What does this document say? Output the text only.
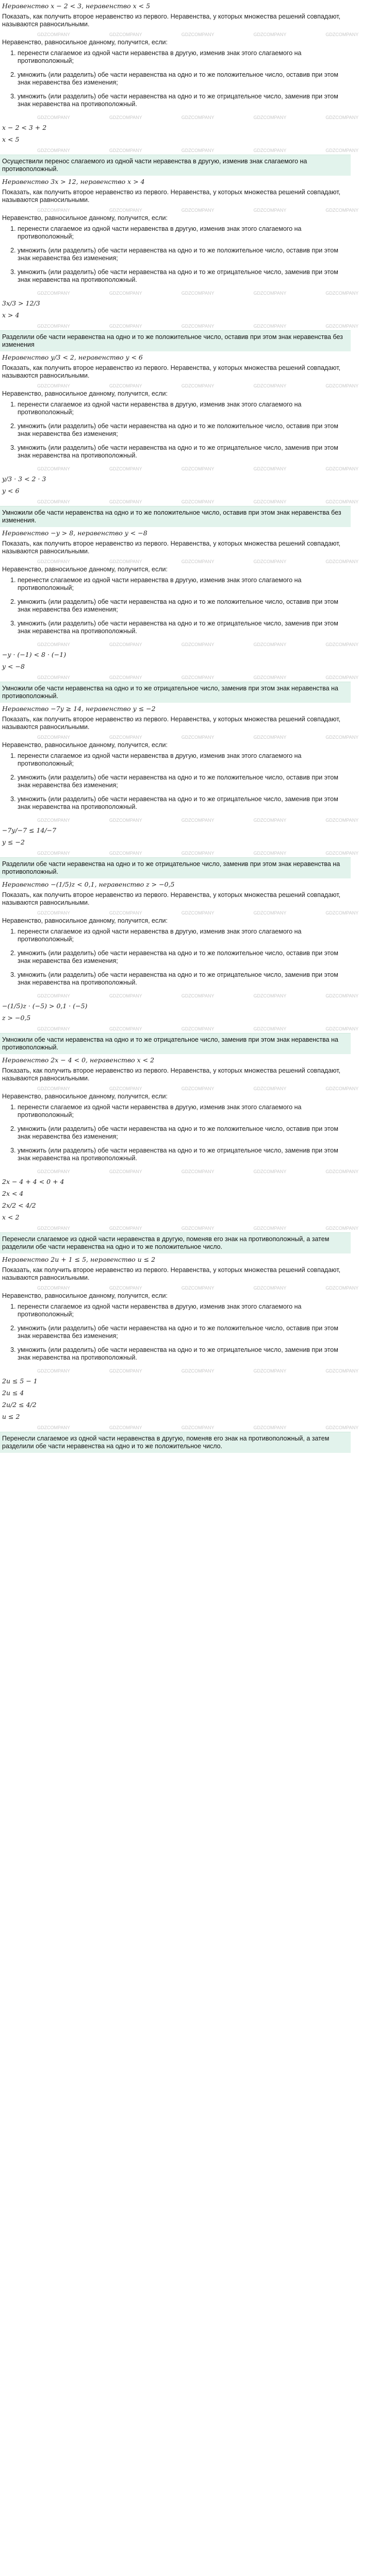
Неравенство x − 2 < 3, неравенство x < 5
Показать, как получить второе неравенство из первого. Неравенства, у которых множества решений совпадают, называются равносильными.
GDZCOMPANY	GDZCOMPANY	GDZCOMPANY	GDZCOMPANY	GDZCOMPANY
Неравенство, равносильное данному, получится, если:
1. перенести слагаемое из одной части неравенства в другую, изменив знак этого слагаемого на противоположный;
2. умножить (или разделить) обе части неравенства на одно и то же положительное число, оставив при этом знак неравенства без изменения;
3. умножить (или разделить) обе части неравенства на одно и то же отрицательное число, заменив при этом знак неравенства на противоположный.
GDZCOMPANY	GDZCOMPANY	GDZCOMPANY	GDZCOMPANY	GDZCOMPANY
x − 2 < 3 + 2
x < 5
GDZCOMPANY	GDZCOMPANY	GDZCOMPANY	GDZCOMPANY	GDZCOMPANY
Осуществили перенос слагаемого из одной части неравенства в другую, изменив знак слагаемого на противоположный.
Неравенство 3x > 12, неравенство x > 4
Показать, как получить второе неравенство из первого. Неравенства, у которых множества решений совпадают, называются равносильными.
GDZCOMPANY	GDZCOMPANY	GDZCOMPANY	GDZCOMPANY	GDZCOMPANY
Неравенство, равносильное данному, получится, если:
1. перенести слагаемое из одной части неравенства в другую, изменив знак этого слагаемого на противоположный;
2. умножить (или разделить) обе части неравенства на одно и то же положительное число, оставив при этом знак неравенства без изменения;
3. умножить (или разделить) обе части неравенства на одно и то же отрицательное число, заменив при этом знак неравенства на противоположный.
GDZCOMPANY	GDZCOMPANY	GDZCOMPANY	GDZCOMPANY	GDZCOMPANY
3x/3 > 12/3
x > 4
GDZCOMPANY	GDZCOMPANY	GDZCOMPANY	GDZCOMPANY	GDZCOMPANY
Разделили обе части неравенства на одно и то же положительное число, оставив при этом знак неравенства без изменения
Неравенство y/3 < 2, неравенство y < 6
Показать, как получить второе неравенство из первого. Неравенства, у которых множества решений совпадают, называются равносильными.
GDZCOMPANY	GDZCOMPANY	GDZCOMPANY	GDZCOMPANY	GDZCOMPANY
Неравенство, равносильное данному, получится, если:
1. перенести слагаемое из одной части неравенства в другую, изменив знак этого слагаемого на противоположный;
2. умножить (или разделить) обе части неравенства на одно и то же положительное число, оставив при этом знак неравенства без изменения;
3. умножить (или разделить) обе части неравенства на одно и то же отрицательное число, заменив при этом знак неравенства на противоположный.
GDZCOMPANY	GDZCOMPANY	GDZCOMPANY	GDZCOMPANY	GDZCOMPANY
y/3 · 3 < 2 · 3
y < 6
GDZCOMPANY	GDZCOMPANY	GDZCOMPANY	GDZCOMPANY	GDZCOMPANY
Умножили обе части неравенства на одно и то же положительное число, оставив при этом знак неравенства без изменения.
Неравенство −y > 8, неравенство y < −8
Показать, как получить второе неравенство из первого. Неравенства, у которых множества решений совпадают, называются равносильными.
GDZCOMPANY	GDZCOMPANY	GDZCOMPANY	GDZCOMPANY	GDZCOMPANY
Неравенство, равносильное данному, получится, если:
1. перенести слагаемое из одной части неравенства в другую, изменив знак этого слагаемого на противоположный;
2. умножить (или разделить) обе части неравенства на одно и то же положительное число, оставив при этом знак неравенства без изменения;
3. умножить (или разделить) обе части неравенства на одно и то же отрицательное число, заменив при этом знак неравенства на противоположный.
GDZCOMPANY	GDZCOMPANY	GDZCOMPANY	GDZCOMPANY	GDZCOMPANY
−y · (−1) < 8 · (−1)
y < −8
GDZCOMPANY	GDZCOMPANY	GDZCOMPANY	GDZCOMPANY	GDZCOMPANY
Умножили обе части неравенства на одно и то же отрицательное число, заменив при этом знак неравенства на противоположный.
Неравенство −7y ≥ 14, неравенство y ≤ −2
Показать, как получить второе неравенство из первого. Неравенства, у которых множества решений совпадают, называются равносильными.
GDZCOMPANY	GDZCOMPANY	GDZCOMPANY	GDZCOMPANY	GDZCOMPANY
Неравенство, равносильное данному, получится, если:
1. перенести слагаемое из одной части неравенства в другую, изменив знак этого слагаемого на противоположный;
2. умножить (или разделить) обе части неравенства на одно и то же положительное число, оставив при этом знак неравенства без изменения;
3. умножить (или разделить) обе части неравенства на одно и то же отрицательное число, заменив при этом знак неравенства на противоположный.
GDZCOMPANY	GDZCOMPANY	GDZCOMPANY	GDZCOMPANY	GDZCOMPANY
−7y/−7 ≤ 14/−7
y ≤ −2
GDZCOMPANY	GDZCOMPANY	GDZCOMPANY	GDZCOMPANY	GDZCOMPANY
Разделили обе части неравенства на одно и то же отрицательное число, заменив при этом знак неравенства на противоположный.
Неравенство −(1/5)z < 0,1, неравенство z > −0,5
Показать, как получить второе неравенство из первого. Неравенства, у которых множества решений совпадают, называются равносильными.
GDZCOMPANY	GDZCOMPANY	GDZCOMPANY	GDZCOMPANY	GDZCOMPANY
Неравенство, равносильное данному, получится, если:
1. перенести слагаемое из одной части неравенства в другую, изменив знак этого слагаемого на противоположный;
2. умножить (или разделить) обе части неравенства на одно и то же положительное число, оставив при этом знак неравенства без изменения;
3. умножить (или разделить) обе части неравенства на одно и то же отрицательное число, заменив при этом знак неравенства на противоположный.
GDZCOMPANY	GDZCOMPANY	GDZCOMPANY	GDZCOMPANY	GDZCOMPANY
−(1/5)z · (−5) > 0,1 · (−5)
z > −0,5
GDZCOMPANY	GDZCOMPANY	GDZCOMPANY	GDZCOMPANY	GDZCOMPANY
Умножили обе части неравенства на одно и то же отрицательное число, заменив при этом знак неравенства на противоположный.
Неравенство 2x − 4 < 0, неравенство x < 2
Показать, как получить второе неравенство из первого. Неравенства, у которых множества решений совпадают, называются равносильными.
GDZCOMPANY	GDZCOMPANY	GDZCOMPANY	GDZCOMPANY	GDZCOMPANY
Неравенство, равносильное данному, получится, если:
1. перенести слагаемое из одной части неравенства в другую, изменив знак этого слагаемого на противоположный;
2. умножить (или разделить) обе части неравенства на одно и то же положительное число, оставив при этом знак неравенства без изменения;
3. умножить (или разделить) обе части неравенства на одно и то же отрицательное число, заменив при этом знак неравенства на противоположный.
GDZCOMPANY	GDZCOMPANY	GDZCOMPANY	GDZCOMPANY	GDZCOMPANY
2x − 4 + 4 < 0 + 4
2x < 4
2x/2 < 4/2
x < 2
GDZCOMPANY	GDZCOMPANY	GDZCOMPANY	GDZCOMPANY	GDZCOMPANY
Перенесли слагаемое из одной части неравенства в другую, поменяв его знак на противоположный, а затем разделили обе части неравенства на одно и то же положительное число.
Неравенство 2u + 1 ≤ 5, неравенство u ≤ 2
Показать, как получить второе неравенство из первого. Неравенства, у которых множества решений совпадают, называются равносильными.
GDZCOMPANY	GDZCOMPANY	GDZCOMPANY	GDZCOMPANY	GDZCOMPANY
Неравенство, равносильное данному, получится, если:
1. перенести слагаемое из одной части неравенства в другую, изменив знак этого слагаемого на противоположный;
2. умножить (или разделить) обе части неравенства на одно и то же положительное число, оставив при этом знак неравенства без изменения;
3. умножить (или разделить) обе части неравенства на одно и то же отрицательное число, заменив при этом знак неравенства на противоположный.
GDZCOMPANY	GDZCOMPANY	GDZCOMPANY	GDZCOMPANY	GDZCOMPANY
2u ≤ 5 − 1
2u ≤ 4
2u/2 ≤ 4/2
u ≤ 2
GDZCOMPANY	GDZCOMPANY	GDZCOMPANY	GDZCOMPANY	GDZCOMPANY
Перенесли слагаемое из одной части неравенства в другую, поменяв его знак на противоположный, а затем разделили обе части неравенства на одно и то же положительное число.
